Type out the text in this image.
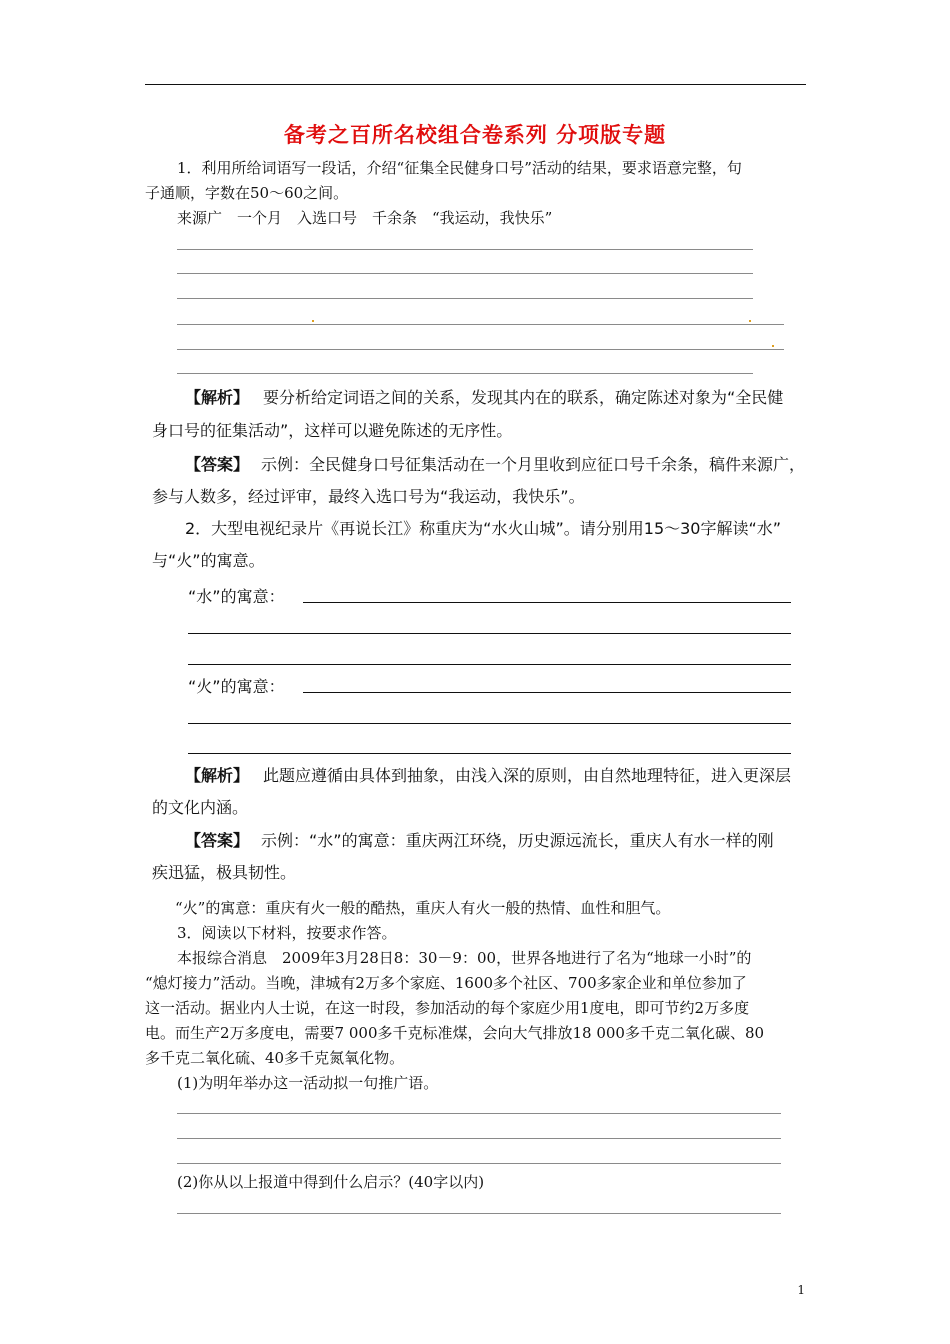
备考之百所名校组合卷系列 分项版专题
1．利用所给词语写一段话，介绍“征集全民健身口号”活动的结果，要求语意完整，句
子通顺，字数在50～60之间。
来源广　一个月　入选口号　千余条　“我运动，我快乐”
【解析】 要分析给定词语之间的关系，发现其内在的联系，确定陈述对象为“全民健
身口号的征集活动”，这样可以避免陈述的无序性。
【答案】 示例：全民健身口号征集活动在一个月里收到应征口号千余条，稿件来源广，
参与人数多，经过评审，最终入选口号为“我运动，我快乐”。
2．大型电视纪录片《再说长江》称重庆为“水火山城”。请分别用15～30字解读“水”
与“火”的寓意。
“水”的寓意：
“火”的寓意：
【解析】 此题应遵循由具体到抽象，由浅入深的原则，由自然地理特征，进入更深层
的文化内涵。
【答案】 示例：“水”的寓意：重庆两江环绕，历史源远流长，重庆人有水一样的刚
疾迅猛，极具韧性。
“火”的寓意：重庆有火一般的酷热，重庆人有火一般的热情、血性和胆气。
3．阅读以下材料，按要求作答。
本报综合消息　2009年3月28日8：30－9：00，世界各地进行了名为“地球一小时”的
“熄灯接力”活动。当晚，津城有2万多个家庭、1600多个社区、700多家企业和单位参加了
这一活动。据业内人士说，在这一时段，参加活动的每个家庭少用1度电，即可节约2万多度
电。而生产2万多度电，需要7 000多千克标准煤，会向大气排放18 000多千克二氧化碳、80
多千克二氧化硫、40多千克氮氧化物。
(1)为明年举办这一活动拟一句推广语。
(2)你从以上报道中得到什么启示？(40字以内)
1
